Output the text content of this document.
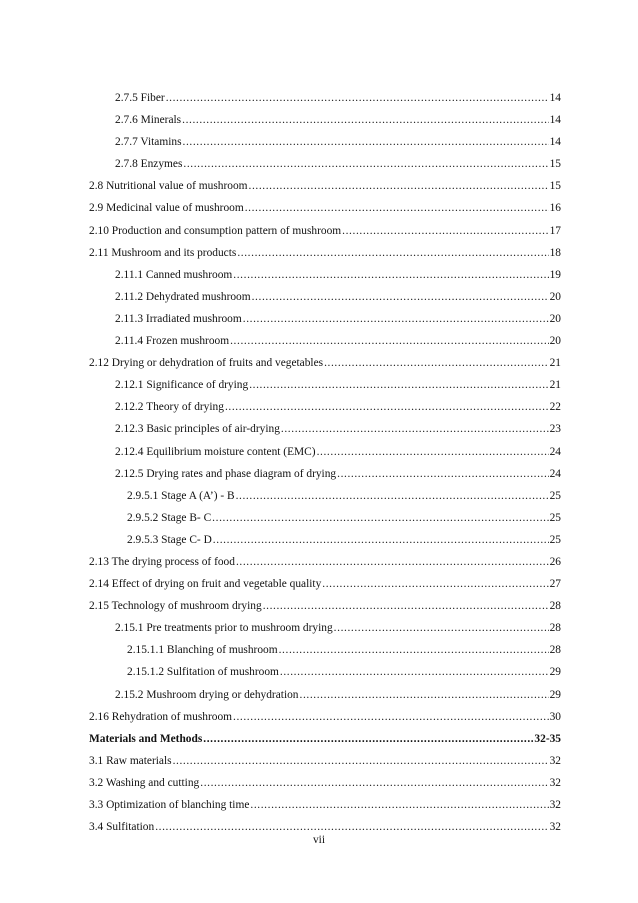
2.7.5 Fiber .....	14
2.7.6 Minerals .....	14
2.7.7 Vitamins .....	14
2.7.8 Enzymes .....	15
2.8 Nutritional value of mushroom .....	15
2.9 Medicinal value of mushroom .....	16
2.10 Production and consumption pattern of mushroom .....	17
2.11 Mushroom and its products .....	18
2.11.1 Canned mushroom .....	19
2.11.2 Dehydrated mushroom .....	20
2.11.3 Irradiated mushroom .....	20
2.11.4 Frozen mushroom .....	20
2.12 Drying or dehydration of fruits and vegetables .....	21
2.12.1 Significance of drying .....	21
2.12.2 Theory of drying .....	22
2.12.3 Basic principles of air-drying .....	23
2.12.4 Equilibrium moisture content (EMC) .....	24
2.12.5 Drying rates and phase diagram of drying .....	24
2.9.5.1 Stage A (A’) - B .....	25
2.9.5.2 Stage B- C .....	25
2.9.5.3 Stage C- D .....	25
2.13 The drying process of food .....	26
2.14 Effect of drying on fruit and vegetable quality .....	27
2.15 Technology of mushroom drying .....	28
2.15.1 Pre treatments prior to mushroom drying .....	28
2.15.1.1 Blanching of mushroom .....	28
2.15.1.2 Sulfitation of mushroom .....	29
2.15.2 Mushroom drying or dehydration .....	29
2.16 Rehydration of mushroom .....	30
Materials and Methods .....	32-35
3.1 Raw materials .....	32
3.2 Washing and cutting .....	32
3.3 Optimization of blanching time .....	32
3.4 Sulfitation .....	32
vii
